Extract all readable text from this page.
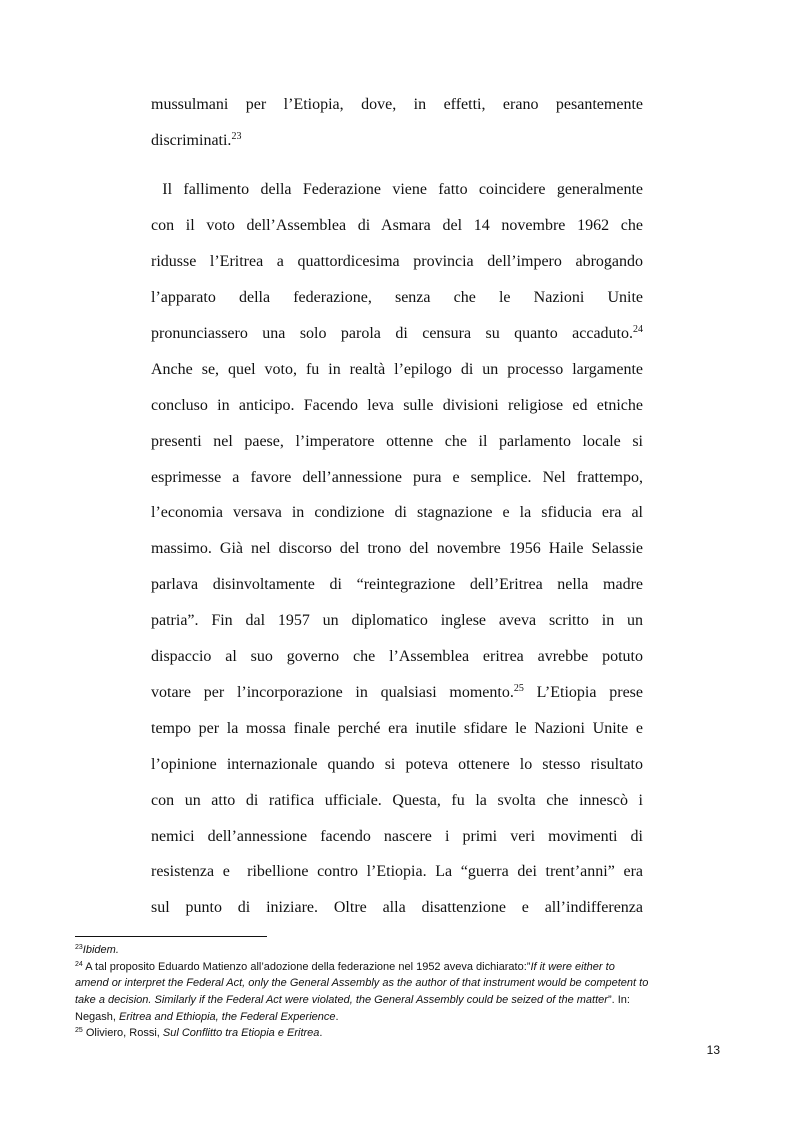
mussulmani per l’Etiopia, dove, in effetti, erano pesantemente
discriminati.$^{23}$
Il fallimento della Federazione viene fatto coincidere generalmente
con il voto dell’Assemblea di Asmara del 14 novembre 1962 che
ridusse l’Eritrea a quattordicesima provincia dell’impero abrogando
l’apparato della federazione, senza che le Nazioni Unite
pronunciassero una solo parola di censura su quanto accaduto.$^{24}$
Anche se, quel voto, fu in realtà l’epilogo di un processo largamente
concluso in anticipo. Facendo leva sulle divisioni religiose ed etniche
presenti nel paese, l’imperatore ottenne che il parlamento locale si
esprimesse a favore dell’annessione pura e semplice. Nel frattempo,
l’economia versava in condizione di stagnazione e la sfiducia era al
massimo. Già nel discorso del trono del novembre 1956 Haile Selassie
parlava disinvoltamente di “reintegrazione dell’Eritrea nella madre
patria”. Fin dal 1957 un diplomatico inglese aveva scritto in un
dispaccio al suo governo che l’Assemblea eritrea avrebbe potuto
votare per l’incorporazione in qualsiasi momento.$^{25}$ L’Etiopia prese
tempo per la mossa finale perché era inutile sfidare le Nazioni Unite e
l’opinione internazionale quando si poteva ottenere lo stesso risultato
con un atto di ratifica ufficiale. Questa, fu la svolta che innescò i
nemici dell’annessione facendo nascere i primi veri movimenti di
resistenza e  ribellione contro l’Etiopia. La “guerra dei trent’anni” era
sul punto di iniziare. Oltre alla disattenzione e all’indifferenza
$^{23}$Ibidem.
$^{24}$ A tal proposito Eduardo Matienzo all’adozione della federazione nel 1952 aveva dichiarato:”If it were either to
amend or interpret the Federal Act, only the General Assembly as the author of that instrument would be competent to
take a decision. Similarly if the Federal Act were violated, the General Assembly could be seized of the matter”. In:
Negash, Eritrea and Ethiopia, the Federal Experience.
$^{25}$ Oliviero, Rossi, Sul Conflitto tra Etiopia e Eritrea.
13
